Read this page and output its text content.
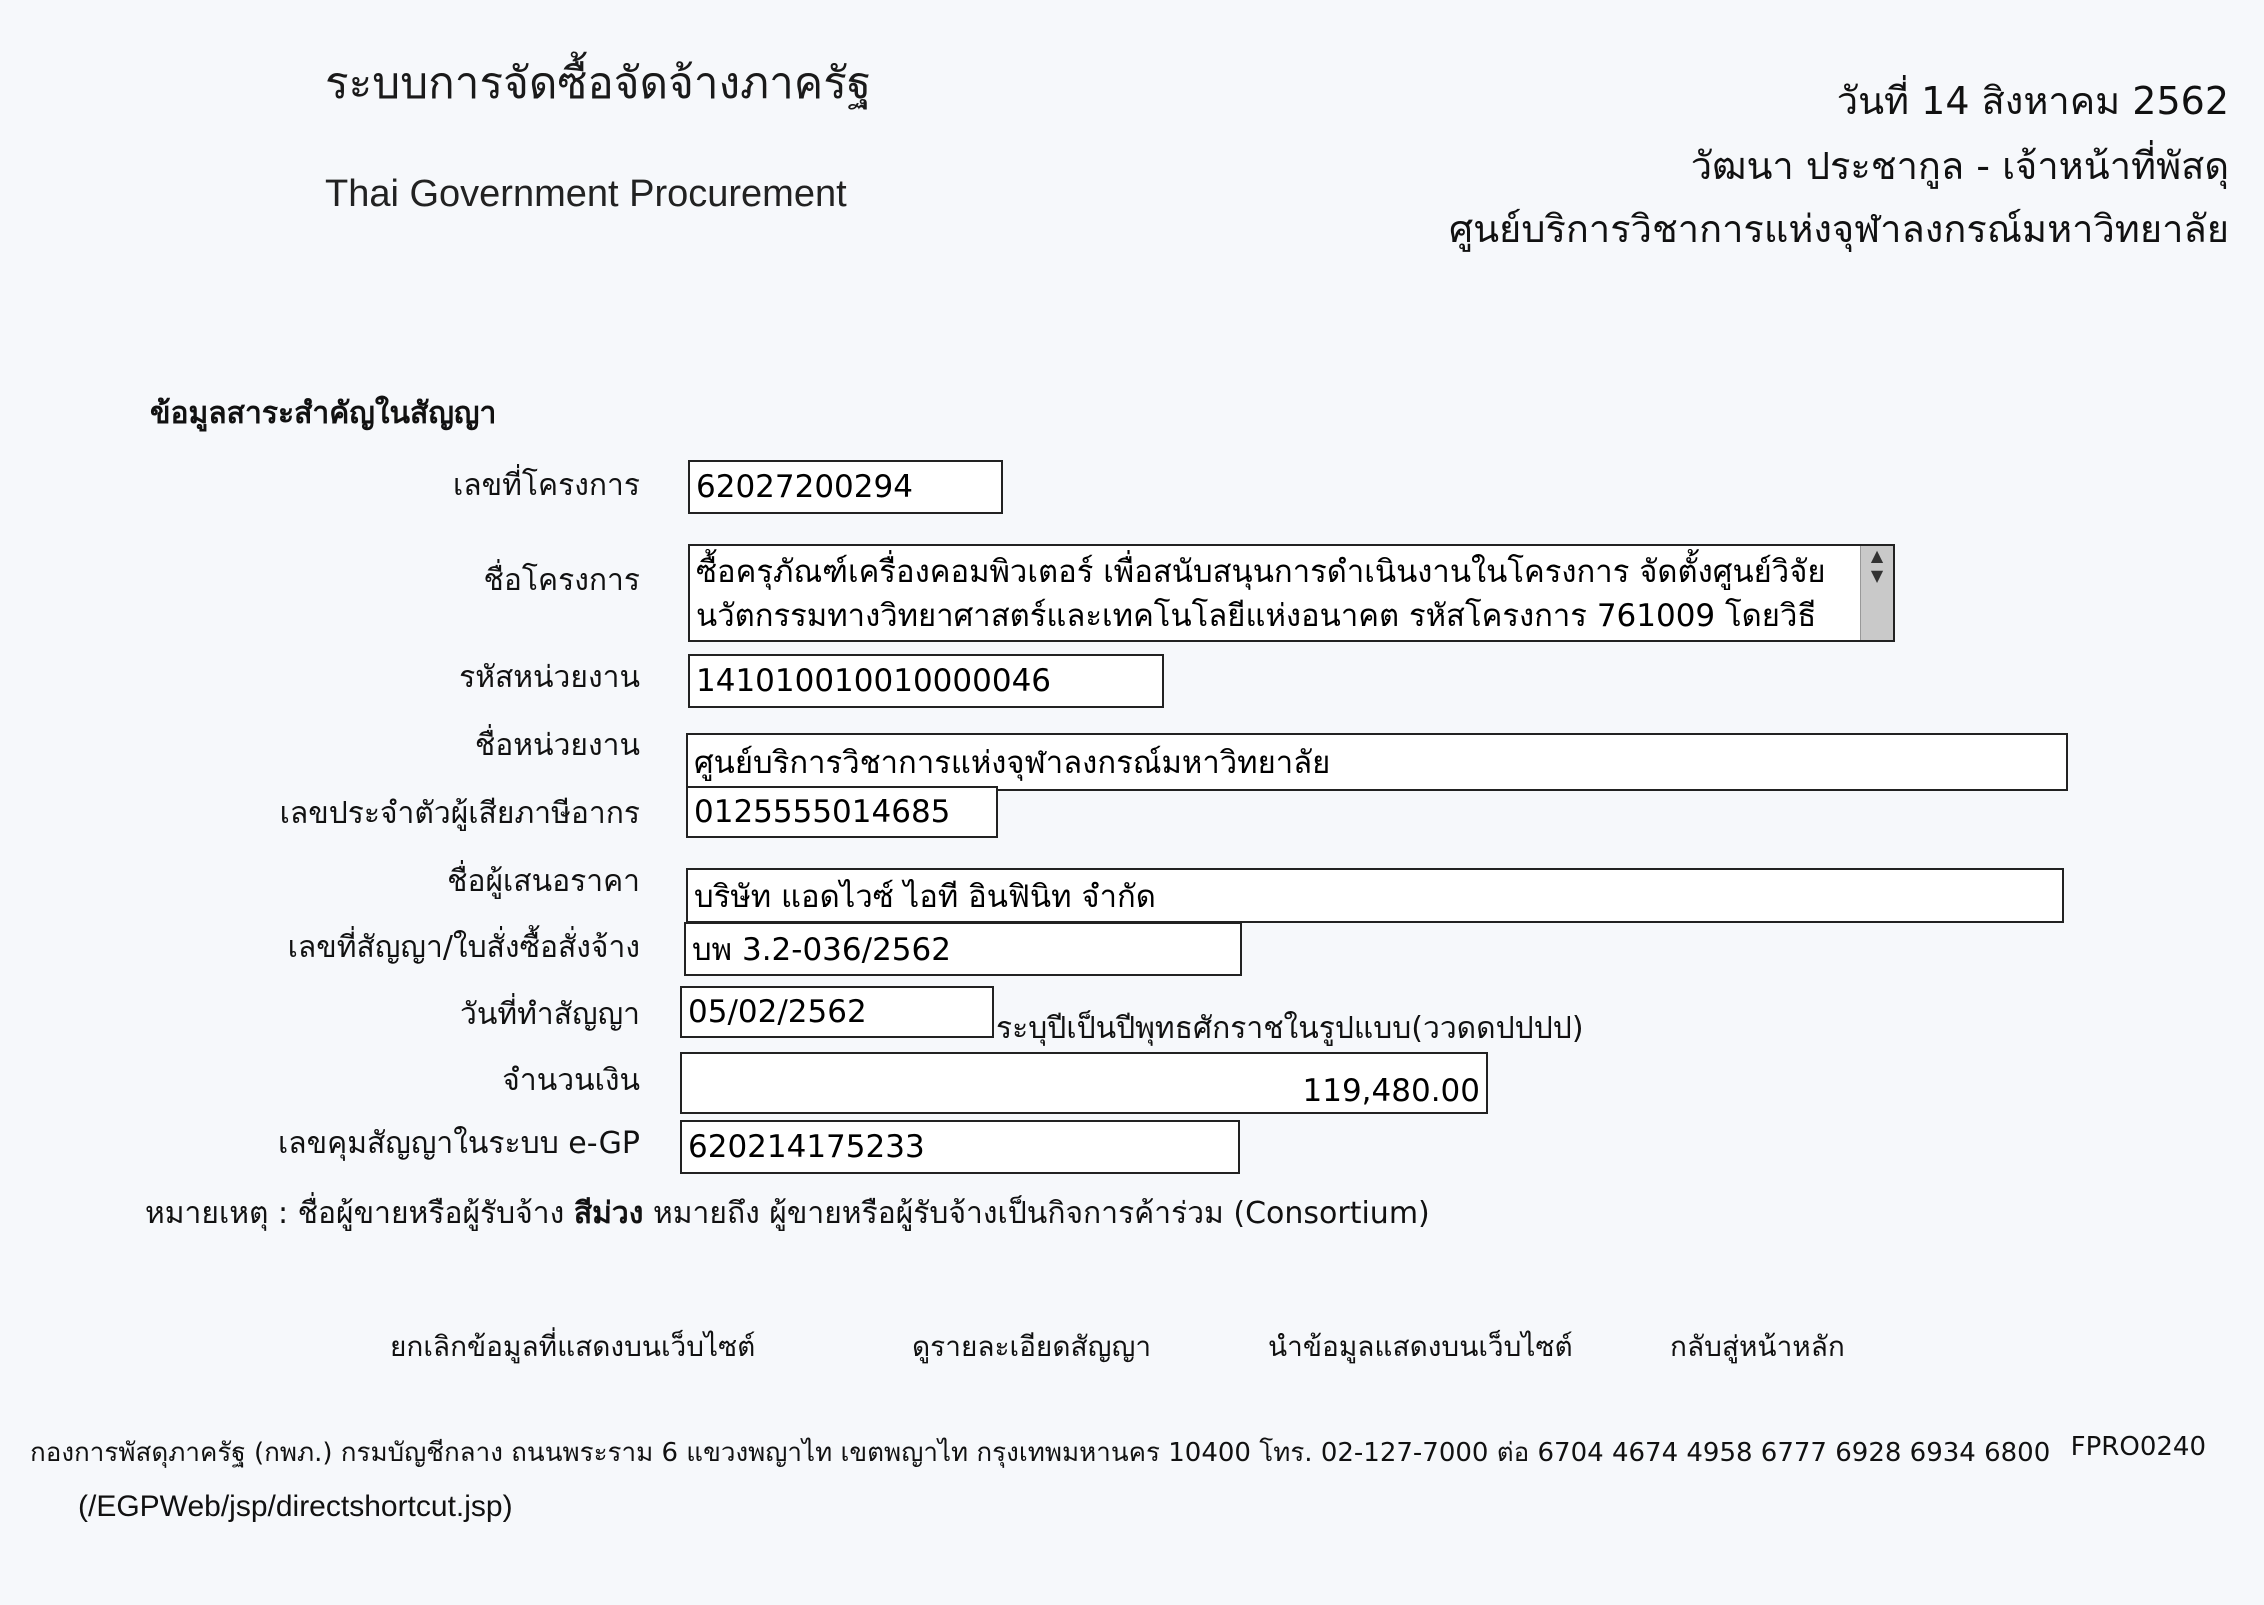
ระบบการจัดซื้อจัดจ้างภาครัฐ
Thai Government Procurement
วันที่ 14 สิงหาคม 2562
วัฒนา ประชากูล - เจ้าหน้าที่พัสดุ
ศูนย์บริการวิชาการแห่งจุฬาลงกรณ์มหาวิทยาลัย
ข้อมูลสาระสำคัญในสัญญา
เลขที่โครงการ
62027200294
ชื่อโครงการ
ซื้อครุภัณฑ์เครื่องคอมพิวเตอร์ เพื่อสนับสนุนการดำเนินงานในโครงการ จัดตั้งศูนย์วิจัยนวัตกรรมทางวิทยาศาสตร์และเทคโนโลยีแห่งอนาคต รหัสโครงการ 761009 โดยวิธี
▲
▼
รหัสหน่วยงาน
141010010010000046
ชื่อหน่วยงาน
ศูนย์บริการวิชาการแห่งจุฬาลงกรณ์มหาวิทยาลัย
เลขประจำตัวผู้เสียภาษีอากร
0125555014685
ชื่อผู้เสนอราคา
บริษัท แอดไวซ์ ไอที อินฟินิท จำกัด
เลขที่สัญญา/ใบสั่งซื้อสั่งจ้าง
บพ 3.2-036/2562
วันที่ทำสัญญา
05/02/2562	ระบุปีเป็นปีพุทธศักราชในรูปแบบ(ววดดปปปป)
จำนวนเงิน
119,480.00
เลขคุมสัญญาในระบบ e-GP
620214175233
หมายเหตุ : ชื่อผู้ขายหรือผู้รับจ้าง สีม่วง หมายถึง ผู้ขายหรือผู้รับจ้างเป็นกิจการค้าร่วม (Consortium)
ยกเลิกข้อมูลที่แสดงบนเว็บไซต์	ดูรายละเอียดสัญญา	นำข้อมูลแสดงบนเว็บไซต์	กลับสู่หน้าหลัก
กองการพัสดุภาครัฐ (กพภ.) กรมบัญชีกลาง ถนนพระราม 6 แขวงพญาไท เขตพญาไท กรุงเทพมหานคร 10400 โทร. 02-127-7000 ต่อ 6704 4674 4958 6777 6928 6934 6800 FPRO0240
(/EGPWeb/jsp/directshortcut.jsp)
